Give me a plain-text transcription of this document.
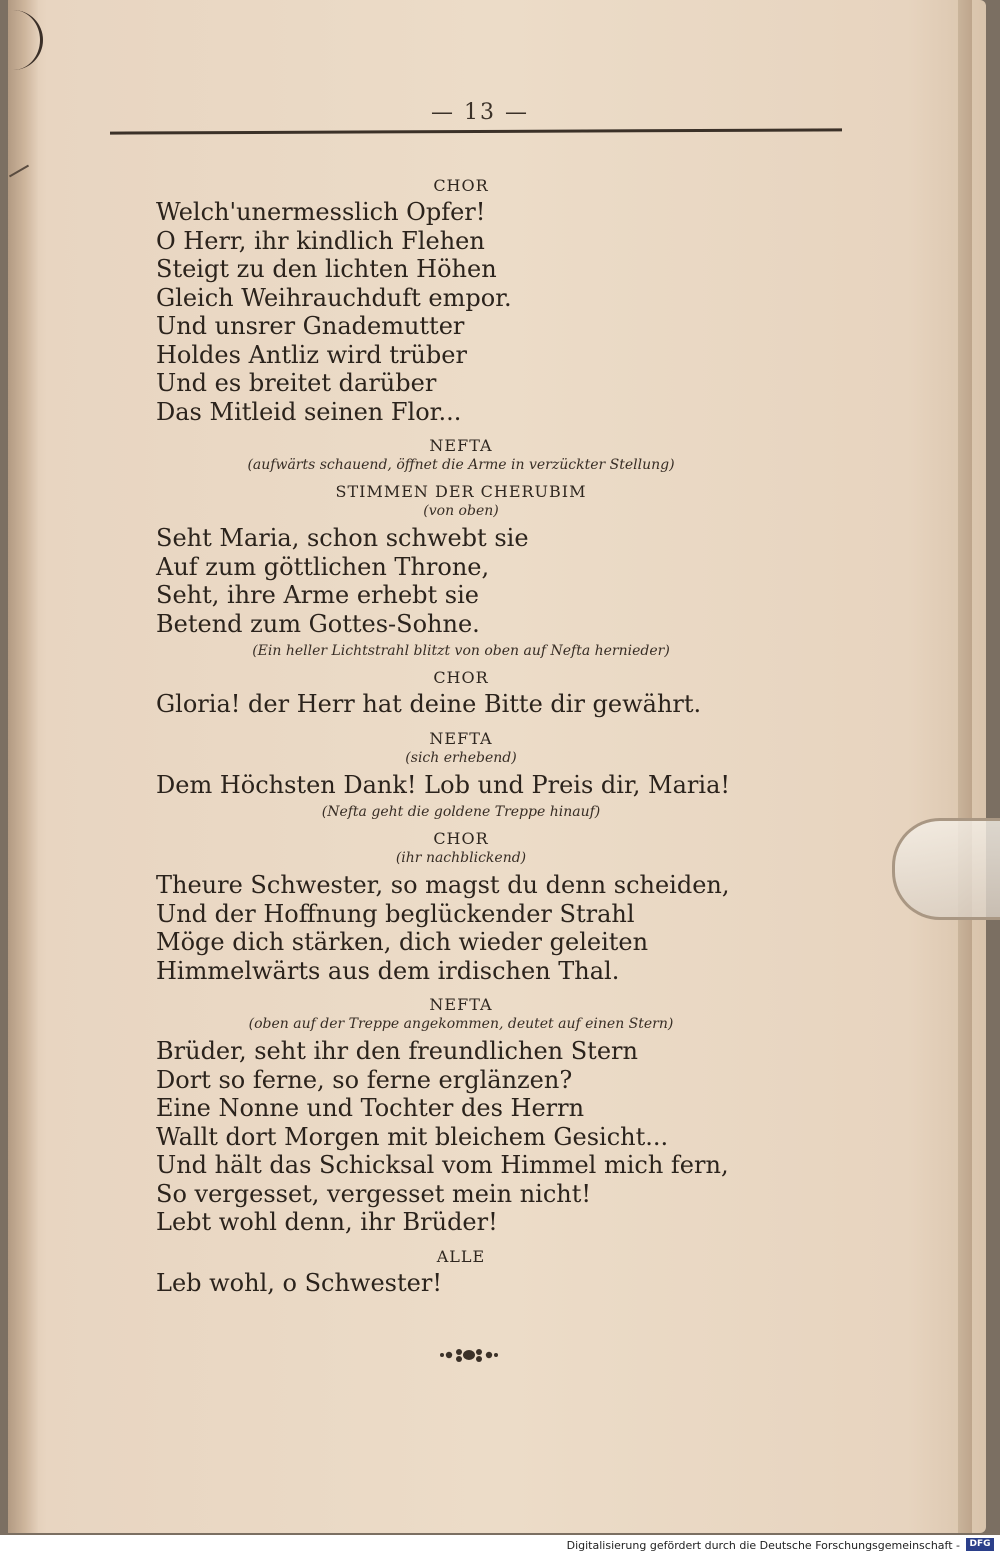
— 13 —

CHOR

Welch'unermesslich Opfer!

O Herr, ihr kindlich Flehen

Steigt zu den lichten Höhen

Gleich Weihrauchduft empor.

Und unsrer Gnademutter

Holdes Antliz wird trüber

Und es breitet darüber

Das Mitleid seinen Flor...

NEFTA

(aufwärts schauend, öffnet die Arme in verzückter Stellung)

STIMMEN DER CHERUBIM

(von oben)

Seht Maria, schon schwebt sie

Auf zum göttlichen Throne,

Seht, ihre Arme erhebt sie

Betend zum Gottes-Sohne.

(Ein heller Lichtstrahl blitzt von oben auf Nefta hernieder)

CHOR

Gloria! der Herr hat deine Bitte dir gewährt.

NEFTA

(sich erhebend)

Dem Höchsten Dank! Lob und Preis dir, Maria!

(Nefta geht die goldene Treppe hinauf)

CHOR

(ihr nachblickend)

Theure Schwester, so magst du denn scheiden,

Und der Hoffnung beglückender Strahl

Möge dich stärken, dich wieder geleiten

Himmelwärts aus dem irdischen Thal.

NEFTA

(oben auf der Treppe angekommen, deutet auf einen Stern)

Brüder, seht ihr den freundlichen Stern

Dort so ferne, so ferne erglänzen?

Eine Nonne und Tochter des Herrn

Wallt dort Morgen mit bleichem Gesicht...

Und hält das Schicksal vom Himmel mich fern,

So vergesset, vergesset mein nicht!

Lebt wohl denn, ihr Brüder!

ALLE

Leb wohl, o Schwester!

Digitalisierung gefördert durch die Deutsche Forschungsgemeinschaft -	DFG
